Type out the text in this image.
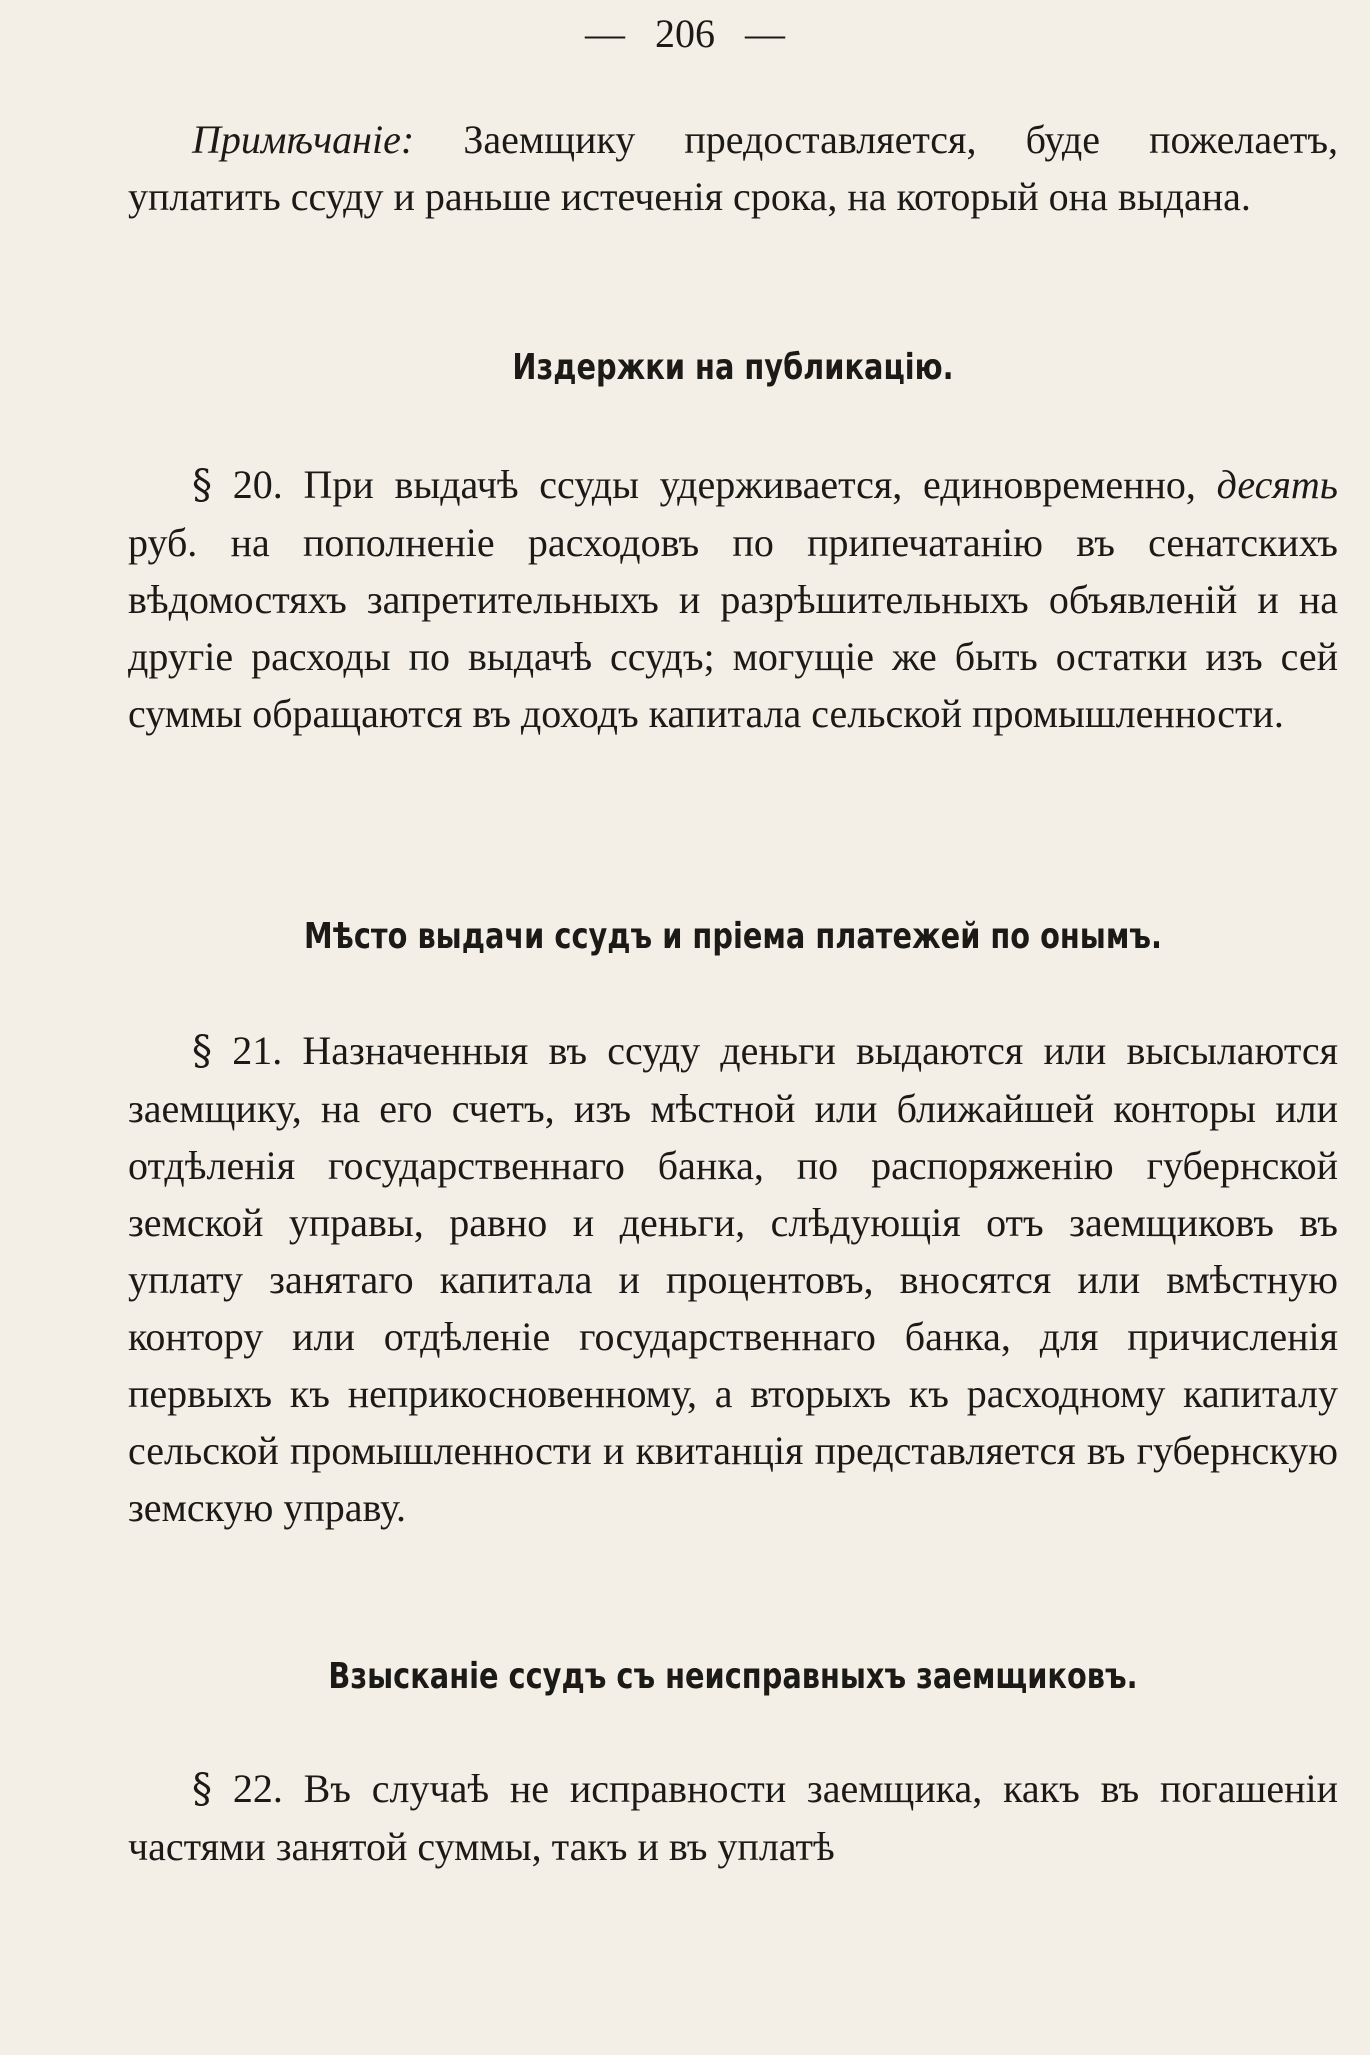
— 206 —
Примѣчаніе: Заемщику предоставляется, буде пожелаетъ, уплатить ссуду и раньше истеченія срока, на который она выдана.
Издержки на публикацію.
§ 20. При выдачѣ ссуды удерживается, единовременно, десять руб. на пополненіе расходовъ по припечатанію въ сенатскихъ вѣдомостяхъ запретительныхъ и разрѣшительныхъ объявленій и на другіе расходы по выдачѣ ссудъ; могущіе же быть остатки изъ сей суммы обращаются въ доходъ капитала сельской промышленности.
Мѣсто выдачи ссудъ и пріема платежей по онымъ.
§ 21. Назначенныя въ ссуду деньги выдаются или высылаются заемщику, на его счетъ, изъ мѣстной или ближайшей конторы или отдѣленія государственнаго банка, по распоряженію губернской земской управы, равно и деньги, слѣдующія отъ заемщиковъ въ уплату занятаго капитала и процентовъ, вносятся или вмѣстную контору или отдѣленіе государственнаго банка, для причисленія первыхъ къ неприкосновенному, а вторыхъ къ расходному капиталу сельской промышленности и квитанція представляется въ губернскую земскую управу.
Взысканіе ссудъ съ неисправныхъ заемщиковъ.
§ 22. Въ случаѣ не исправности заемщика, какъ въ погашеніи частями занятой суммы, такъ и въ уплатѣ
